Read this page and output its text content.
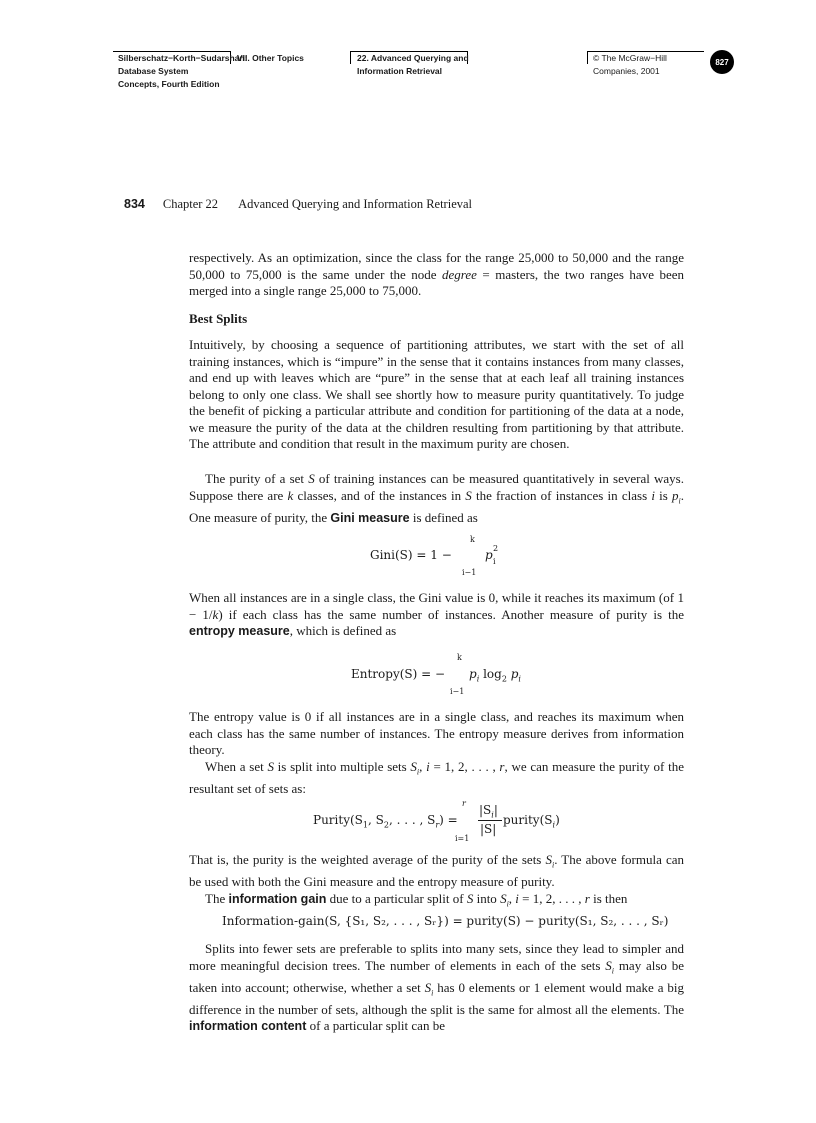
Silberschatz−Korth−Sudarshan:
Database System
Concepts, Fourth Edition
VII. Other Topics	22. Advanced Querying and
Information Retrieval
© The McGraw−Hill
Companies, 2001
827
834 Chapter 22 Advanced Querying and Information Retrieval

respectively. As an optimization, since the class for the range 25,000 to 50,000 and the range 50,000 to 75,000 is the same under the node degree = masters, the two ranges have been merged into a single range 25,000 to 75,000.

Best Splits

Intuitively, by choosing a sequence of partitioning attributes, we start with the set of all training instances, which is “impure” in the sense that it contains instances from many classes, and end up with leaves which are “pure” in the sense that at each leaf all training instances belong to only one class. We shall see shortly how to measure purity quantitatively. To judge the benefit of picking a particular attribute and condition for partitioning of the data at a node, we measure the purity of the data at the children resulting from partitioning by that attribute. The attribute and condition that result in the maximum purity are chosen.

The purity of a set S of training instances can be measured quantitatively in several ways. Suppose there are k classes, and of the instances in S the fraction of instances in class i is $p_i$. One measure of purity, the Gini measure is defined as

Gini(S) = 1 −
k
i−1
p 2
i

When all instances are in a single class, the Gini value is 0, while it reaches its maximum (of 1 − 1/k) if each class has the same number of instances. Another measure of purity is the entropy measure, which is defined as

Entropy(S) = −
k
i−1
$p_i$ $\log_2 p_i$

The entropy value is 0 if all instances are in a single class, and reaches its maximum when each class has the same number of instances. The entropy measure derives from information theory.

When a set S is split into multiple sets $S_i$, i = 1, 2, . . . , r, we can measure the purity of the resultant set of sets as:

$Purity(S_1$, $S_2$, . . . , $S_r$) =
r
i=1
$|S_i|$
|S|
$purity(S_i)$

That is, the purity is the weighted average of the purity of the sets $S_i$. The above formula can be used with both the Gini measure and the entropy measure of purity.

The information gain due to a particular split of S into $S_i$, i = 1, 2, . . . , r is then

Information-gain(S, {S₁, S₂, . . . , Sᵣ}) = purity(S) − purity(S₁, S₂, . . . , Sᵣ)

Splits into fewer sets are preferable to splits into many sets, since they lead to simpler and more meaningful decision trees. The number of elements in each of the sets $S_i$ may also be taken into account; otherwise, whether a set $S_i$ has 0 elements or 1 element would make a big difference in the number of sets, although the split is the same for almost all the elements. The information content of a particular split can be
